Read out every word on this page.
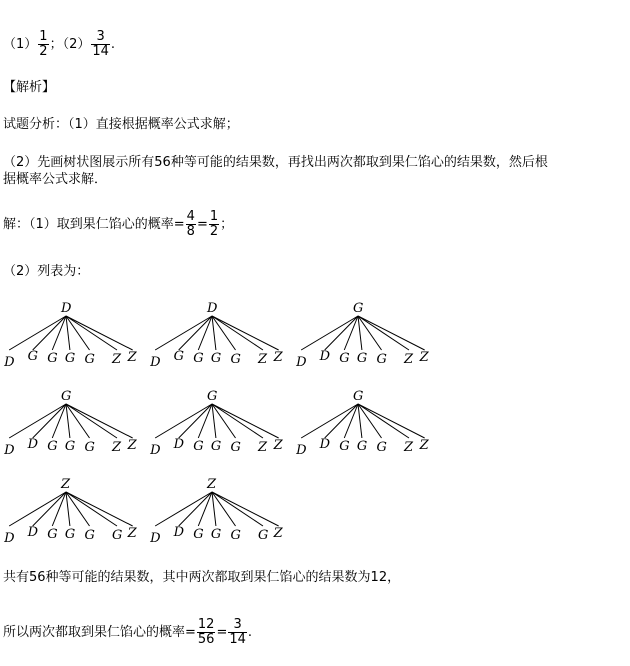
$(1) \frac{1}{2}$ ；$(2) \frac{3}{14}$ .
【解析】
试题分析：（1）直接根据概率公式求解；
（2）先画树状图展示所有56种等可能的结果数，再找出两次都取到果仁馅心的结果数，然后根
据概率公式求解．
解：（1）取到果仁馅心的概率= $\frac{4}{8} = \frac{1}{2}$ ；
（2）列表为：
D
D G G G G Z Z
D
D G G G G Z Z
G
D D G G G Z Z
G
D D G G G Z Z
G
D D G G G Z Z
G
D D G G G Z Z
Z
D D G G G G Z
Z
D D G G G G Z
共有56种等可能的结果数，其中两次都取到果仁馅心的结果数为12，
所以两次都取到果仁馅心的概率= $\frac{12}{56} = \frac{3}{14}$ .
